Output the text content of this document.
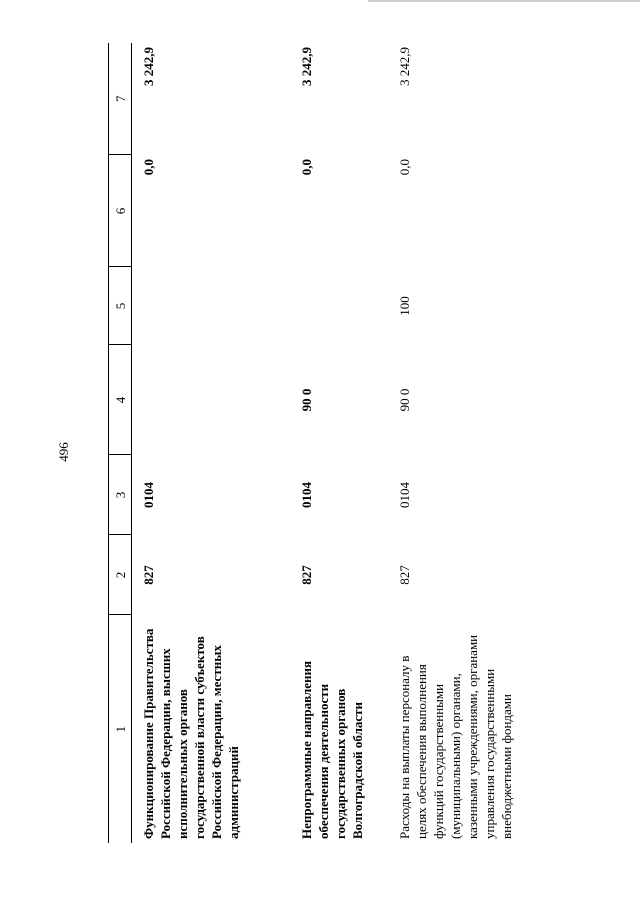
496
1	2	3	4	5	6	7
Функционирование Правительства Российской Федерации, высших исполнительных органов государственной власти субъектов Российской Федерации, местных администраций	827	0104			0,0	3 242,9
Непрограммные направления обеспечения деятельности государственных органов Волгоградской области	827	0104	90 0		0,0	3 242,9
Расходы на выплаты персоналу в целях обеспечения выполнения функций государственными (муниципальными) органами, казенными учреждениями, органами управления государственными внебюджетными фондами	827	0104	90 0	100	0,0	3 242,9
